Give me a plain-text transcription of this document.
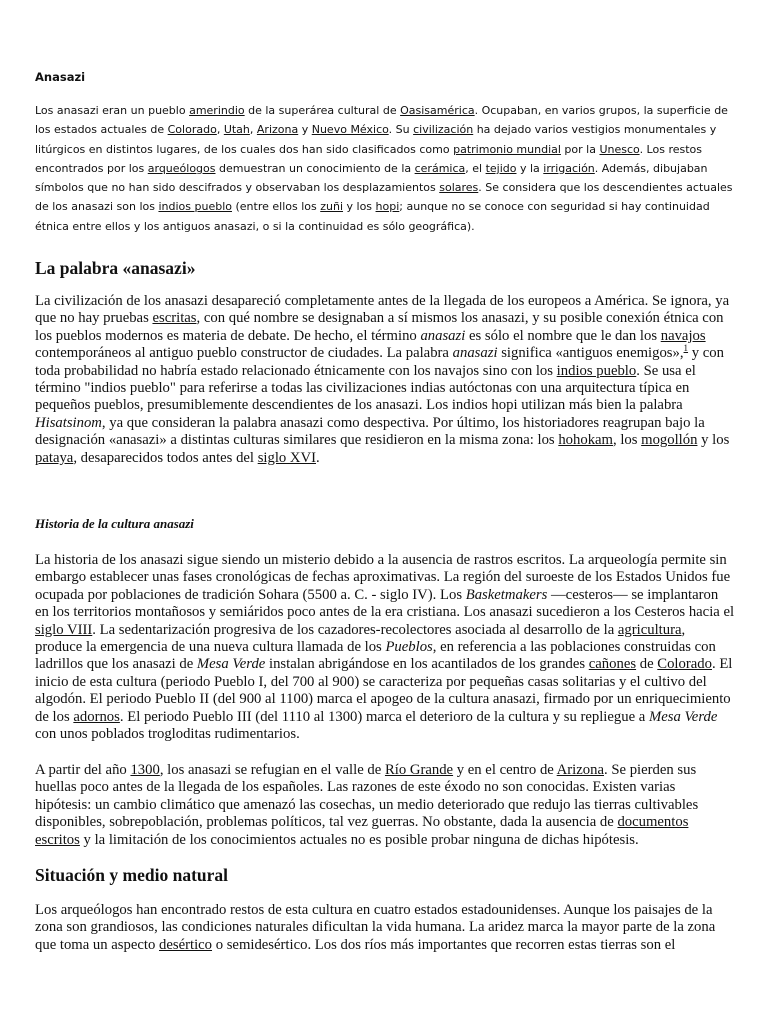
Anasazi

Los anasazi eran un pueblo amerindio de la superárea cultural de Oasisamérica. Ocupaban, en varios grupos, la superficie de los estados actuales de Colorado, Utah, Arizona y Nuevo México. Su civilización ha dejado varios vestigios monumentales y litúrgicos en distintos lugares, de los cuales dos han sido clasificados como patrimonio mundial por la Unesco. Los restos encontrados por los arqueólogos demuestran un conocimiento de la cerámica, el tejido y la irrigación. Además, dibujaban símbolos que no han sido descifrados y observaban los desplazamientos solares. Se considera que los descendientes actuales de los anasazi son los indios pueblo (entre ellos los zuñi y los hopi; aunque no se conoce con seguridad si hay continuidad étnica entre ellos y los antiguos anasazi, o si la continuidad es sólo geográfica).

La palabra «anasazi»

La civilización de los anasazi desapareció completamente antes de la llegada de los europeos a América. Se ignora, ya que no hay pruebas escritas, con qué nombre se designaban a sí mismos los anasazi, y su posible conexión étnica con los pueblos modernos es materia de debate. De hecho, el término anasazi es sólo el nombre que le dan los navajos contemporáneos al antiguo pueblo constructor de ciudades. La palabra anasazi significa «antiguos enemigos»,$^1$ y con toda probabilidad no habría estado relacionado étnicamente con los navajos sino con los indios pueblo. Se usa el término "indios pueblo" para referirse a todas las civilizaciones indias autóctonas con una arquitectura típica en pequeños pueblos, presumiblemente descendientes de los anasazi. Los indios hopi utilizan más bien la palabra Hisatsinom, ya que consideran la palabra anasazi como despectiva. Por último, los historiadores reagrupan bajo la designación «anasazi» a distintas culturas similares que residieron en la misma zona: los hohokam, los mogollón y los pataya, desaparecidos todos antes del siglo XVI.

Historia de la cultura anasazi

La historia de los anasazi sigue siendo un misterio debido a la ausencia de rastros escritos. La arqueología permite sin embargo establecer unas fases cronológicas de fechas aproximativas. La región del suroeste de los Estados Unidos fue ocupada por poblaciones de tradición Sohara (5500 a. C. - siglo IV). Los Basketmakers —cesteros— se implantaron en los territorios montañosos y semiáridos poco antes de la era cristiana. Los anasazi sucedieron a los Cesteros hacia el siglo VIII. La sedentarización progresiva de los cazadores-recolectores asociada al desarrollo de la agricultura, produce la emergencia de una nueva cultura llamada de los Pueblos, en referencia a las poblaciones construidas con ladrillos que los anasazi de Mesa Verde instalan abrigándose en los acantilados de los grandes cañones de Colorado. El inicio de esta cultura (periodo Pueblo I, del 700 al 900) se caracteriza por pequeñas casas solitarias y el cultivo del algodón. El periodo Pueblo II (del 900 al 1100) marca el apogeo de la cultura anasazi, firmado por un enriquecimiento de los adornos. El periodo Pueblo III (del 1110 al 1300) marca el deterioro de la cultura y su repliegue a Mesa Verde con unos poblados trogloditas rudimentarios.

A partir del año 1300, los anasazi se refugian en el valle de Río Grande y en el centro de Arizona. Se pierden sus huellas poco antes de la llegada de los españoles. Las razones de este éxodo no son conocidas. Existen varias hipótesis: un cambio climático que amenazó las cosechas, un medio deteriorado que redujo las tierras cultivables disponibles, sobrepoblación, problemas políticos, tal vez guerras. No obstante, dada la ausencia de documentos escritos y la limitación de los conocimientos actuales no es posible probar ninguna de dichas hipótesis.

Situación y medio natural

Los arqueólogos han encontrado restos de esta cultura en cuatro estados estadounidenses. Aunque los paisajes de la zona son grandiosos, las condiciones naturales dificultan la vida humana. La aridez marca la mayor parte de la zona que toma un aspecto desértico o semidesértico. Los dos ríos más importantes que recorren estas tierras son el
